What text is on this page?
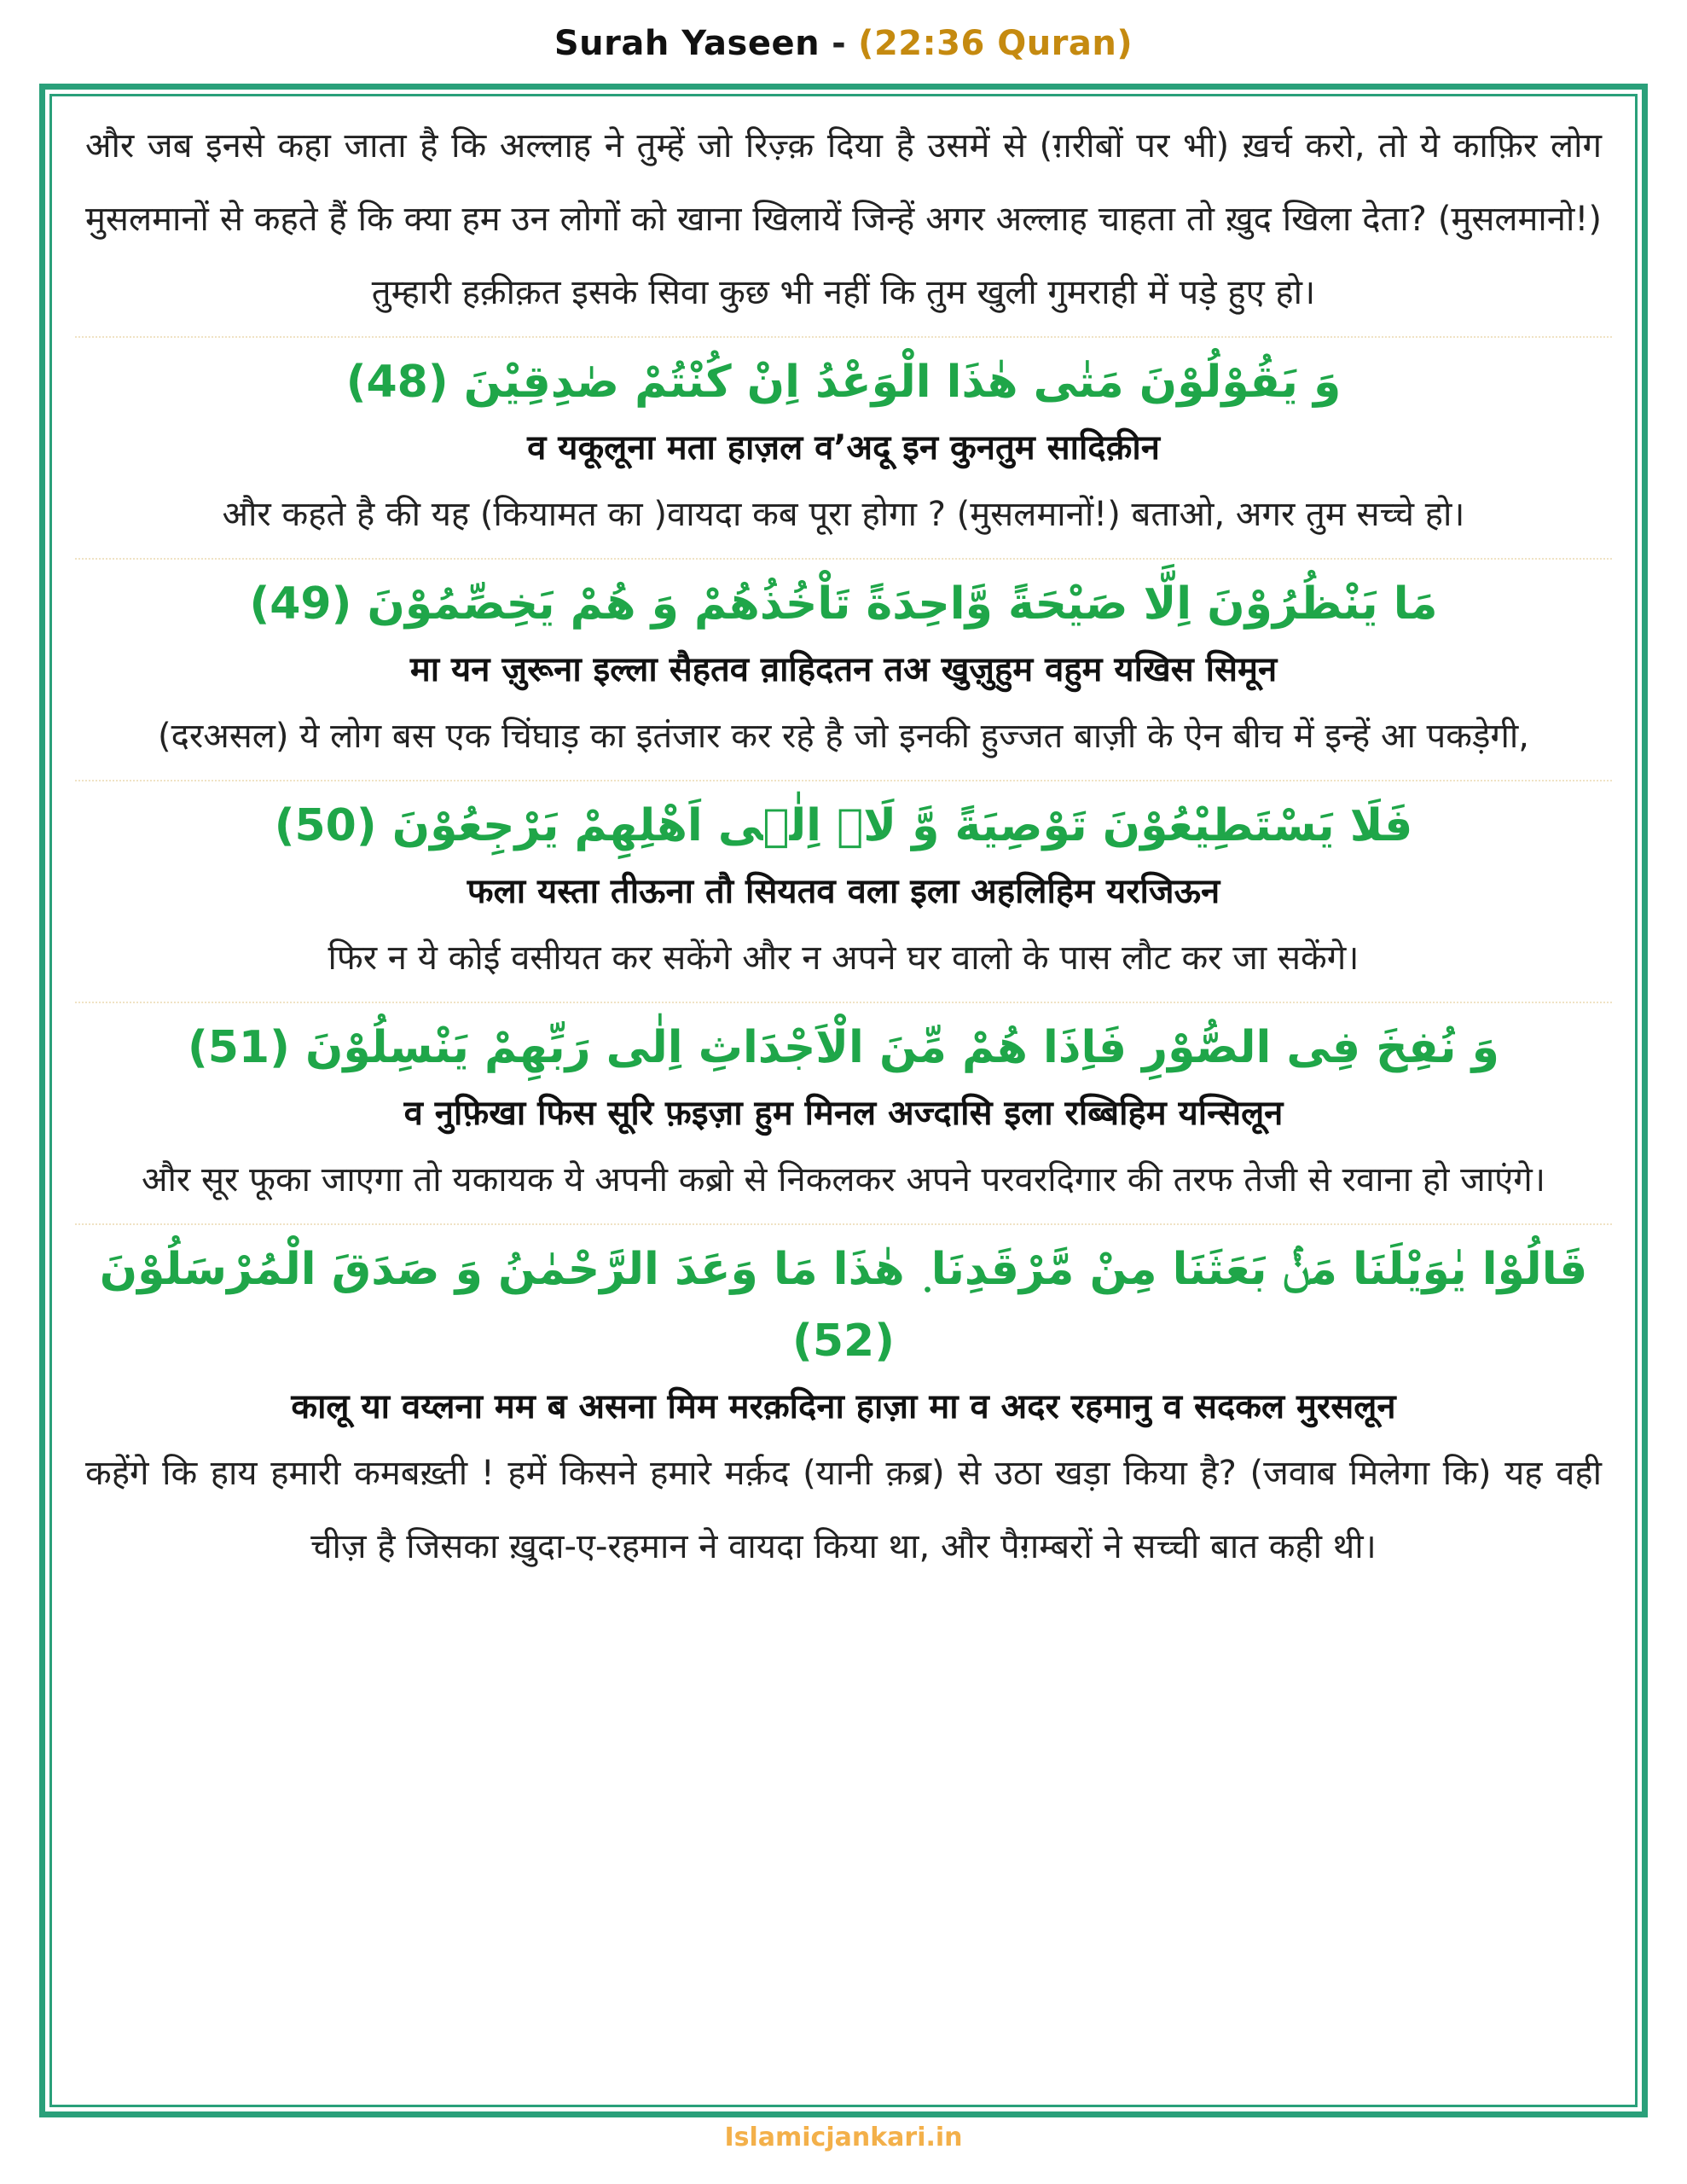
Surah Yaseen - (22:36 Quran)
और जब इनसे कहा जाता है कि अल्लाह ने तुम्हें जो रिज़्क़ दिया है उसमें से (ग़रीबों पर भी) ख़र्च करो, तो ये काफ़िर लोग मुसलमानों से कहते हैं कि क्या हम उन लोगों को खाना खिलायें जिन्हें अगर अल्लाह चाहता तो ख़ुद खिला देता? (मुसलमानो!) तुम्हारी हक़ीक़त इसके सिवा कुछ भी नहीं कि तुम खुली गुमराही में पड़े हुए हो।
وَ يَقُوْلُوْنَ مَتٰى هٰذَا الْوَعْدُ اِنْ كُنْتُمْ صٰدِقِيْنَ (48)
व यकूलूना मता हाज़ल व’अदू इन कुनतुम सादिक़ीन
और कहते है की यह (कियामत का )वायदा कब पूरा होगा ? (मुसलमानों!) बताओ, अगर तुम सच्चे हो।
مَا يَنْظُرُوْنَ اِلَّا صَيْحَةً وَّاحِدَةً تَاْخُذُهُمْ وَ هُمْ يَخِصِّمُوْنَ (49)
मा यन ज़ुरूना इल्ला सैहतव व़ाहिदतन तअ खुज़ुहुम वहुम यखिस सिमून
(दरअसल) ये लोग बस एक चिंघाड़ का इतंजार कर रहे है जो इनकी हुज्जत बाज़ी के ऐन बीच में इन्हें आ पकड़ेगी,
فَلَا يَسْتَطِيْعُوْنَ تَوْصِيَةً وَّ لَاۤ اِلٰۤى اَهْلِهِمْ يَرْجِعُوْنَ (50)
फला यस्ता तीऊना तौ सियतव वला इला अहलिहिम यरजिऊन
फिर न ये कोई वसीयत कर सकेंगे और न अपने घर वालो के पास लौट कर जा सकेंगे।
وَ نُفِخَ فِى الصُّوْرِ فَاِذَا هُمْ مِّنَ الْاَجْدَاثِ اِلٰى رَبِّهِمْ يَنْسِلُوْنَ (51)
व नुफ़िखा फिस सूरि फ़इज़ा हुम मिनल अज्दासि इला रब्बिहिम यन्सिलून
और सूर फूका जाएगा तो यकायक ये अपनी कब्रो से निकलकर अपने परवरदिगार की तरफ तेजी से रवाना हो जाएंगे।
قَالُوْا يٰوَيْلَنَا مَنْۢ بَعَثَنَا مِنْ مَّرْقَدِنَا ٜ هٰذَا مَا وَعَدَ الرَّحْمٰنُ وَ صَدَقَ الْمُرْسَلُوْنَ (52)
कालू या वय्लना मम ब असना मिम मरक़दिना हाज़ा मा व अदर रहमानु व सदकल मुरसलून
कहेंगे कि हाय हमारी कमबख़्ती ! हमें किसने हमारे मर्क़द (यानी क़ब्र) से उठा खड़ा किया है? (जवाब मिलेगा कि) यह वही चीज़ है जिसका ख़ुदा-ए-रहमान ने वायदा किया था, और पैग़म्बरों ने सच्ची बात कही थी।
Islamicjankari.in
